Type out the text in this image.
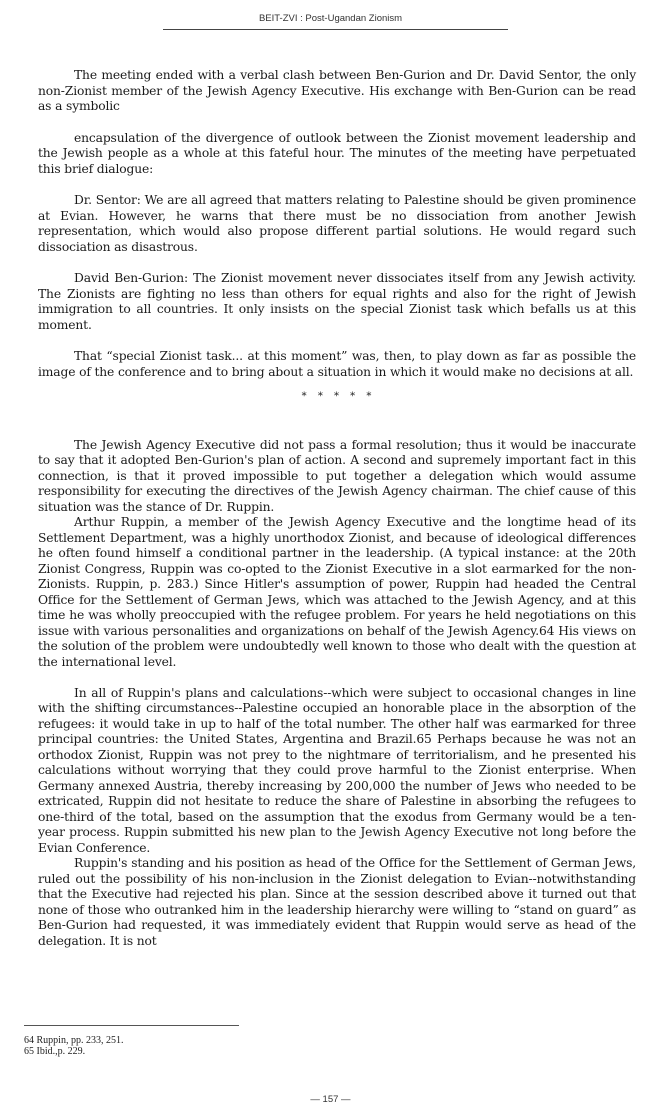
BEIT-ZVI : Post-Ugandan Zionism

The meeting ended with a verbal clash between Ben-Gurion and Dr. David Sentor, the only non-Zionist member of the Jewish Agency Executive. His exchange with Ben-Gurion can be read as a symbolic

encapsulation of the divergence of outlook between the Zionist movement leadership and the Jewish people as a whole at this fateful hour. The minutes of the meeting have perpetuated this brief dialogue:

Dr. Sentor: We are all agreed that matters relating to Palestine should be given prominence at Evian. However, he warns that there must be no dissociation from another Jewish representation, which would also propose different partial solutions. He would regard such dissociation as disastrous.

David Ben-Gurion: The Zionist movement never dissociates itself from any Jewish activity. The Zionists are fighting no less than others for equal rights and also for the right of Jewish immigration to all countries. It only insists on the special Zionist task which befalls us at this moment.

That “special Zionist task... at this moment” was, then, to play down as far as possible the image of the conference and to bring about a situation in which it would make no decisions at all.

* * * * *

The Jewish Agency Executive did not pass a formal resolution; thus it would be inaccurate to say that it adopted Ben-Gurion's plan of action. A second and supremely important fact in this connection, is that it proved impossible to put together a delegation which would assume responsibility for executing the directives of the Jewish Agency chairman. The chief cause of this situation was the stance of Dr. Ruppin.

Arthur Ruppin, a member of the Jewish Agency Executive and the longtime head of its Settlement Department, was a highly unorthodox Zionist, and because of ideological differences he often found himself a conditional partner in the leadership. (A typical instance: at the 20th Zionist Congress, Ruppin was co-opted to the Zionist Executive in a slot earmarked for the non-Zionists. Ruppin, p. 283.) Since Hitler's assumption of power, Ruppin had headed the Central Office for the Settlement of German Jews, which was attached to the Jewish Agency, and at this time he was wholly preoccupied with the refugee problem. For years he held negotiations on this issue with various personalities and organizations on behalf of the Jewish Agency.64 His views on the solution of the problem were undoubtedly well known to those who dealt with the question at the international level.

In all of Ruppin's plans and calculations--which were subject to occasional changes in line with the shifting circumstances--Palestine occupied an honorable place in the absorption of the refugees: it would take in up to half of the total number. The other half was earmarked for three principal countries: the United States, Argentina and Brazil.65 Perhaps because he was not an orthodox Zionist, Ruppin was not prey to the nightmare of territorialism, and he presented his calculations without worrying that they could prove harmful to the Zionist enterprise. When Germany annexed Austria, thereby increasing by 200,000 the number of Jews who needed to be extricated, Ruppin did not hesitate to reduce the share of Palestine in absorbing the refugees to one-third of the total, based on the assumption that the exodus from Germany would be a ten-year process. Ruppin submitted his new plan to the Jewish Agency Executive not long before the Evian Conference.

Ruppin's standing and his position as head of the Office for the Settlement of German Jews, ruled out the possibility of his non-inclusion in the Zionist delegation to Evian--notwithstanding that the Executive had rejected his plan. Since at the session described above it turned out that none of those who outranked him in the leadership hierarchy were willing to “stand on guard” as Ben-Gurion had requested, it was immediately evident that Ruppin would serve as head of the delegation. It is not

64 Ruppin, pp. 233, 251.
65 Ibid.,p. 229.
— 157 —
